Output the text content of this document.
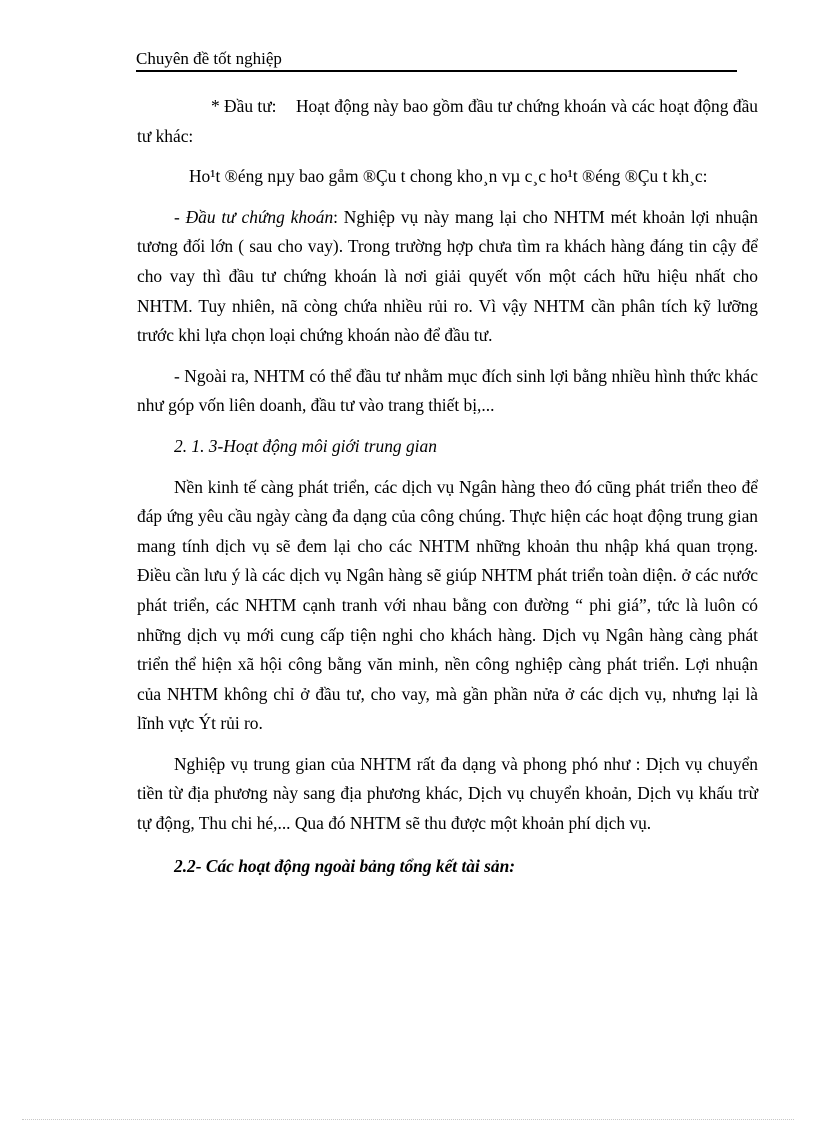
Chuyên đề tốt nghiệp

* Đầu tư: Hoạt động này bao gồm đầu tư chứng khoán và các hoạt động đầu tư khác:

Ho¹t ®éng nµy bao gåm ®Çu t chong kho¸n vµ c¸c ho¹t ®éng ®Çu t kh¸c:

- Đầu tư chứng khoán: Nghiệp vụ này mang lại cho NHTM mét khoản lợi nhuận tương đối lớn ( sau cho vay). Trong trường hợp chưa tìm ra khách hàng đáng tin cậy để cho vay thì đầu tư chứng khoán là nơi giải quyết vốn một cách hữu hiệu nhất cho NHTM. Tuy nhiên, nã còng chứa nhiều rủi ro. Vì vậy NHTM cần phân tích kỹ lưỡng trước khi lựa chọn loại chứng khoán nào để đầu tư.

- Ngoài ra, NHTM có thể đầu tư nhằm mục đích sinh lợi bằng nhiều hình thức khác như góp vốn liên doanh, đầu tư vào trang thiết bị,...

2. 1. 3-Hoạt động môi giới trung gian

Nền kinh tế càng phát triển, các dịch vụ Ngân hàng theo đó cũng phát triển theo để đáp ứng yêu cầu ngày càng đa dạng của công chúng. Thực hiện các hoạt động trung gian mang tính dịch vụ sẽ đem lại cho các NHTM những khoản thu nhập khá quan trọng. Điều cần lưu ý là các dịch vụ Ngân hàng sẽ giúp NHTM phát triển toàn diện. ở các nước phát triển, các NHTM cạnh tranh với nhau bằng con đường “ phi giá”, tức là luôn có những dịch vụ mới cung cấp tiện nghi cho khách hàng. Dịch vụ Ngân hàng càng phát triển thể hiện xã hội công bằng văn minh, nền công nghiệp càng phát triển. Lợi nhuận của NHTM không chỉ ở đầu tư, cho vay, mà gần phần nửa ở các dịch vụ, nhưng lại là lĩnh vực Ýt rủi ro.

Nghiệp vụ trung gian của NHTM rất đa dạng và phong phó như : Dịch vụ chuyển tiền từ địa phương này sang địa phương khác, Dịch vụ chuyển khoản, Dịch vụ khấu trừ tự động, Thu chi hé,... Qua đó NHTM sẽ thu được một khoản phí dịch vụ.

2.2- Các hoạt động ngoài bảng tổng kết tài sản:
